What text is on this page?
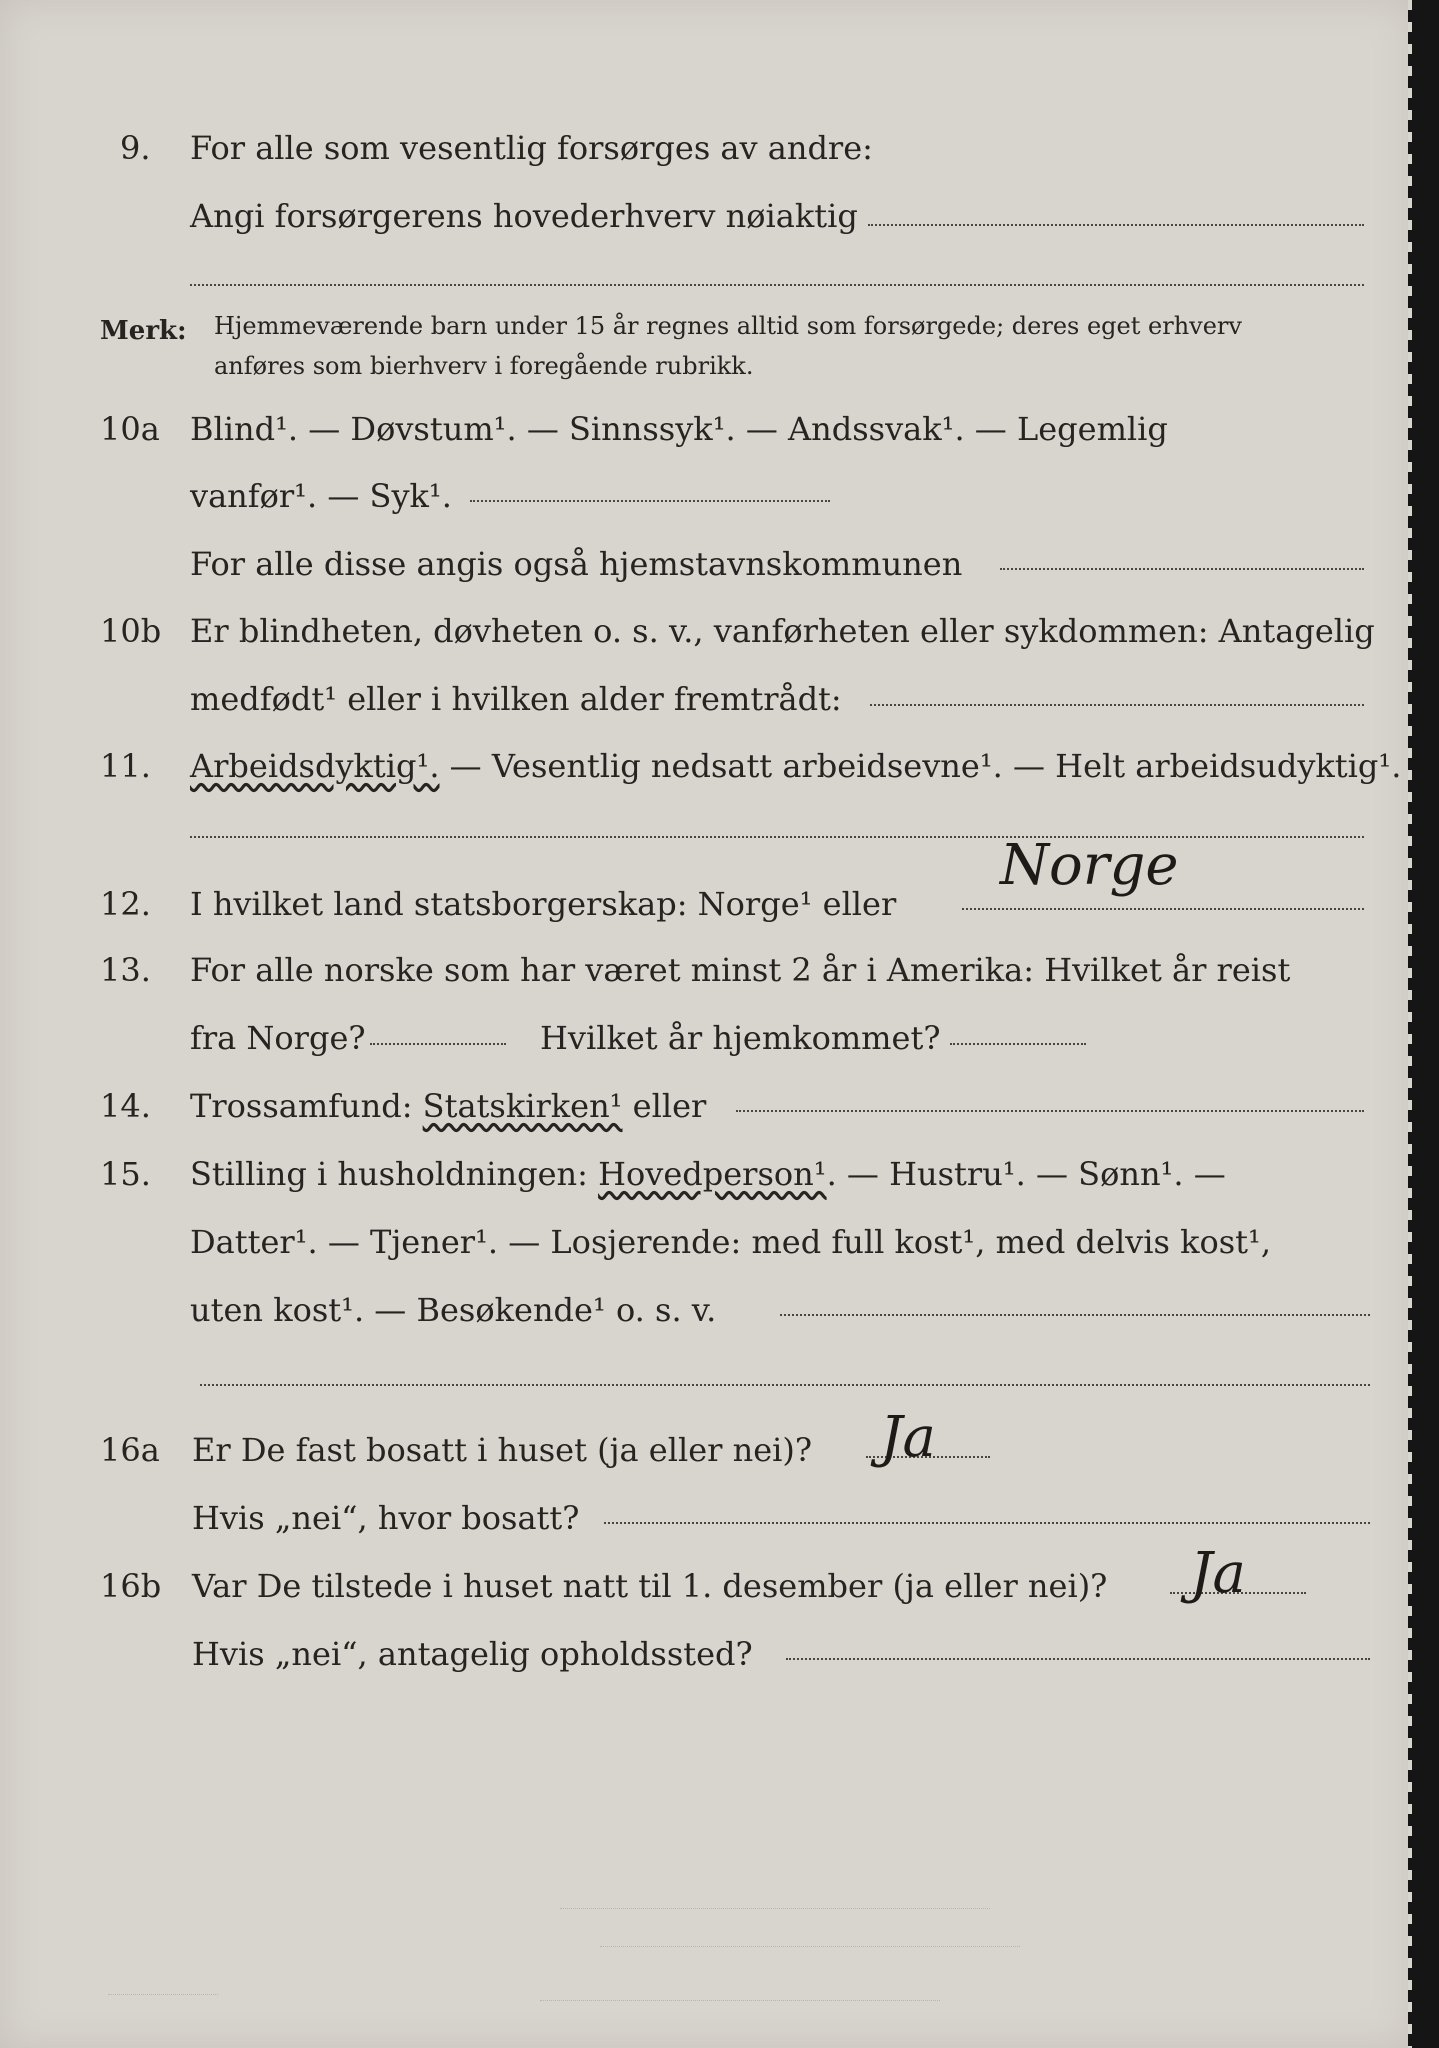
9. For alle som vesentlig forsørges av andre:
Angi forsørgerens hovederhverv nøiaktig
Merk: Hjemmeværende barn under 15 år regnes alltid som forsørgede; deres eget erhverv
anføres som bierhverv i foregående rubrikk.
10a Blind¹. — Døvstum¹. — Sinnssyk¹. — Andssvak¹. — Legemlig
vanfør¹. — Syk¹.
For alle disse angis også hjemstavnskommunen
10b Er blindheten, døvheten o. s. v., vanførheten eller sykdommen: Antagelig
medfødt¹ eller i hvilken alder fremtrådt:
11. Arbeidsdyktig¹. — Vesentlig nedsatt arbeidsevne¹. — Helt arbeidsudyktig¹.
12. I hvilket land statsborgerskap: Norge¹ eller
Norge
13. For alle norske som har været minst 2 år i Amerika: Hvilket år reist
fra Norge?	Hvilket år hjemkommet?
14. Trossamfund: Statskirken¹ eller
15. Stilling i husholdningen: Hovedperson¹. — Hustru¹. — Sønn¹. —
Datter¹. — Tjener¹. — Losjerende: med full kost¹, med delvis kost¹,
uten kost¹. — Besøkende¹ o. s. v.
16a Er De fast bosatt i huset (ja eller nei)? Ja
Hvis „nei“, hvor bosatt?
16b Var De tilstede i huset natt til 1. desember (ja eller nei)? Ja
Hvis „nei“, antagelig opholdssted?
